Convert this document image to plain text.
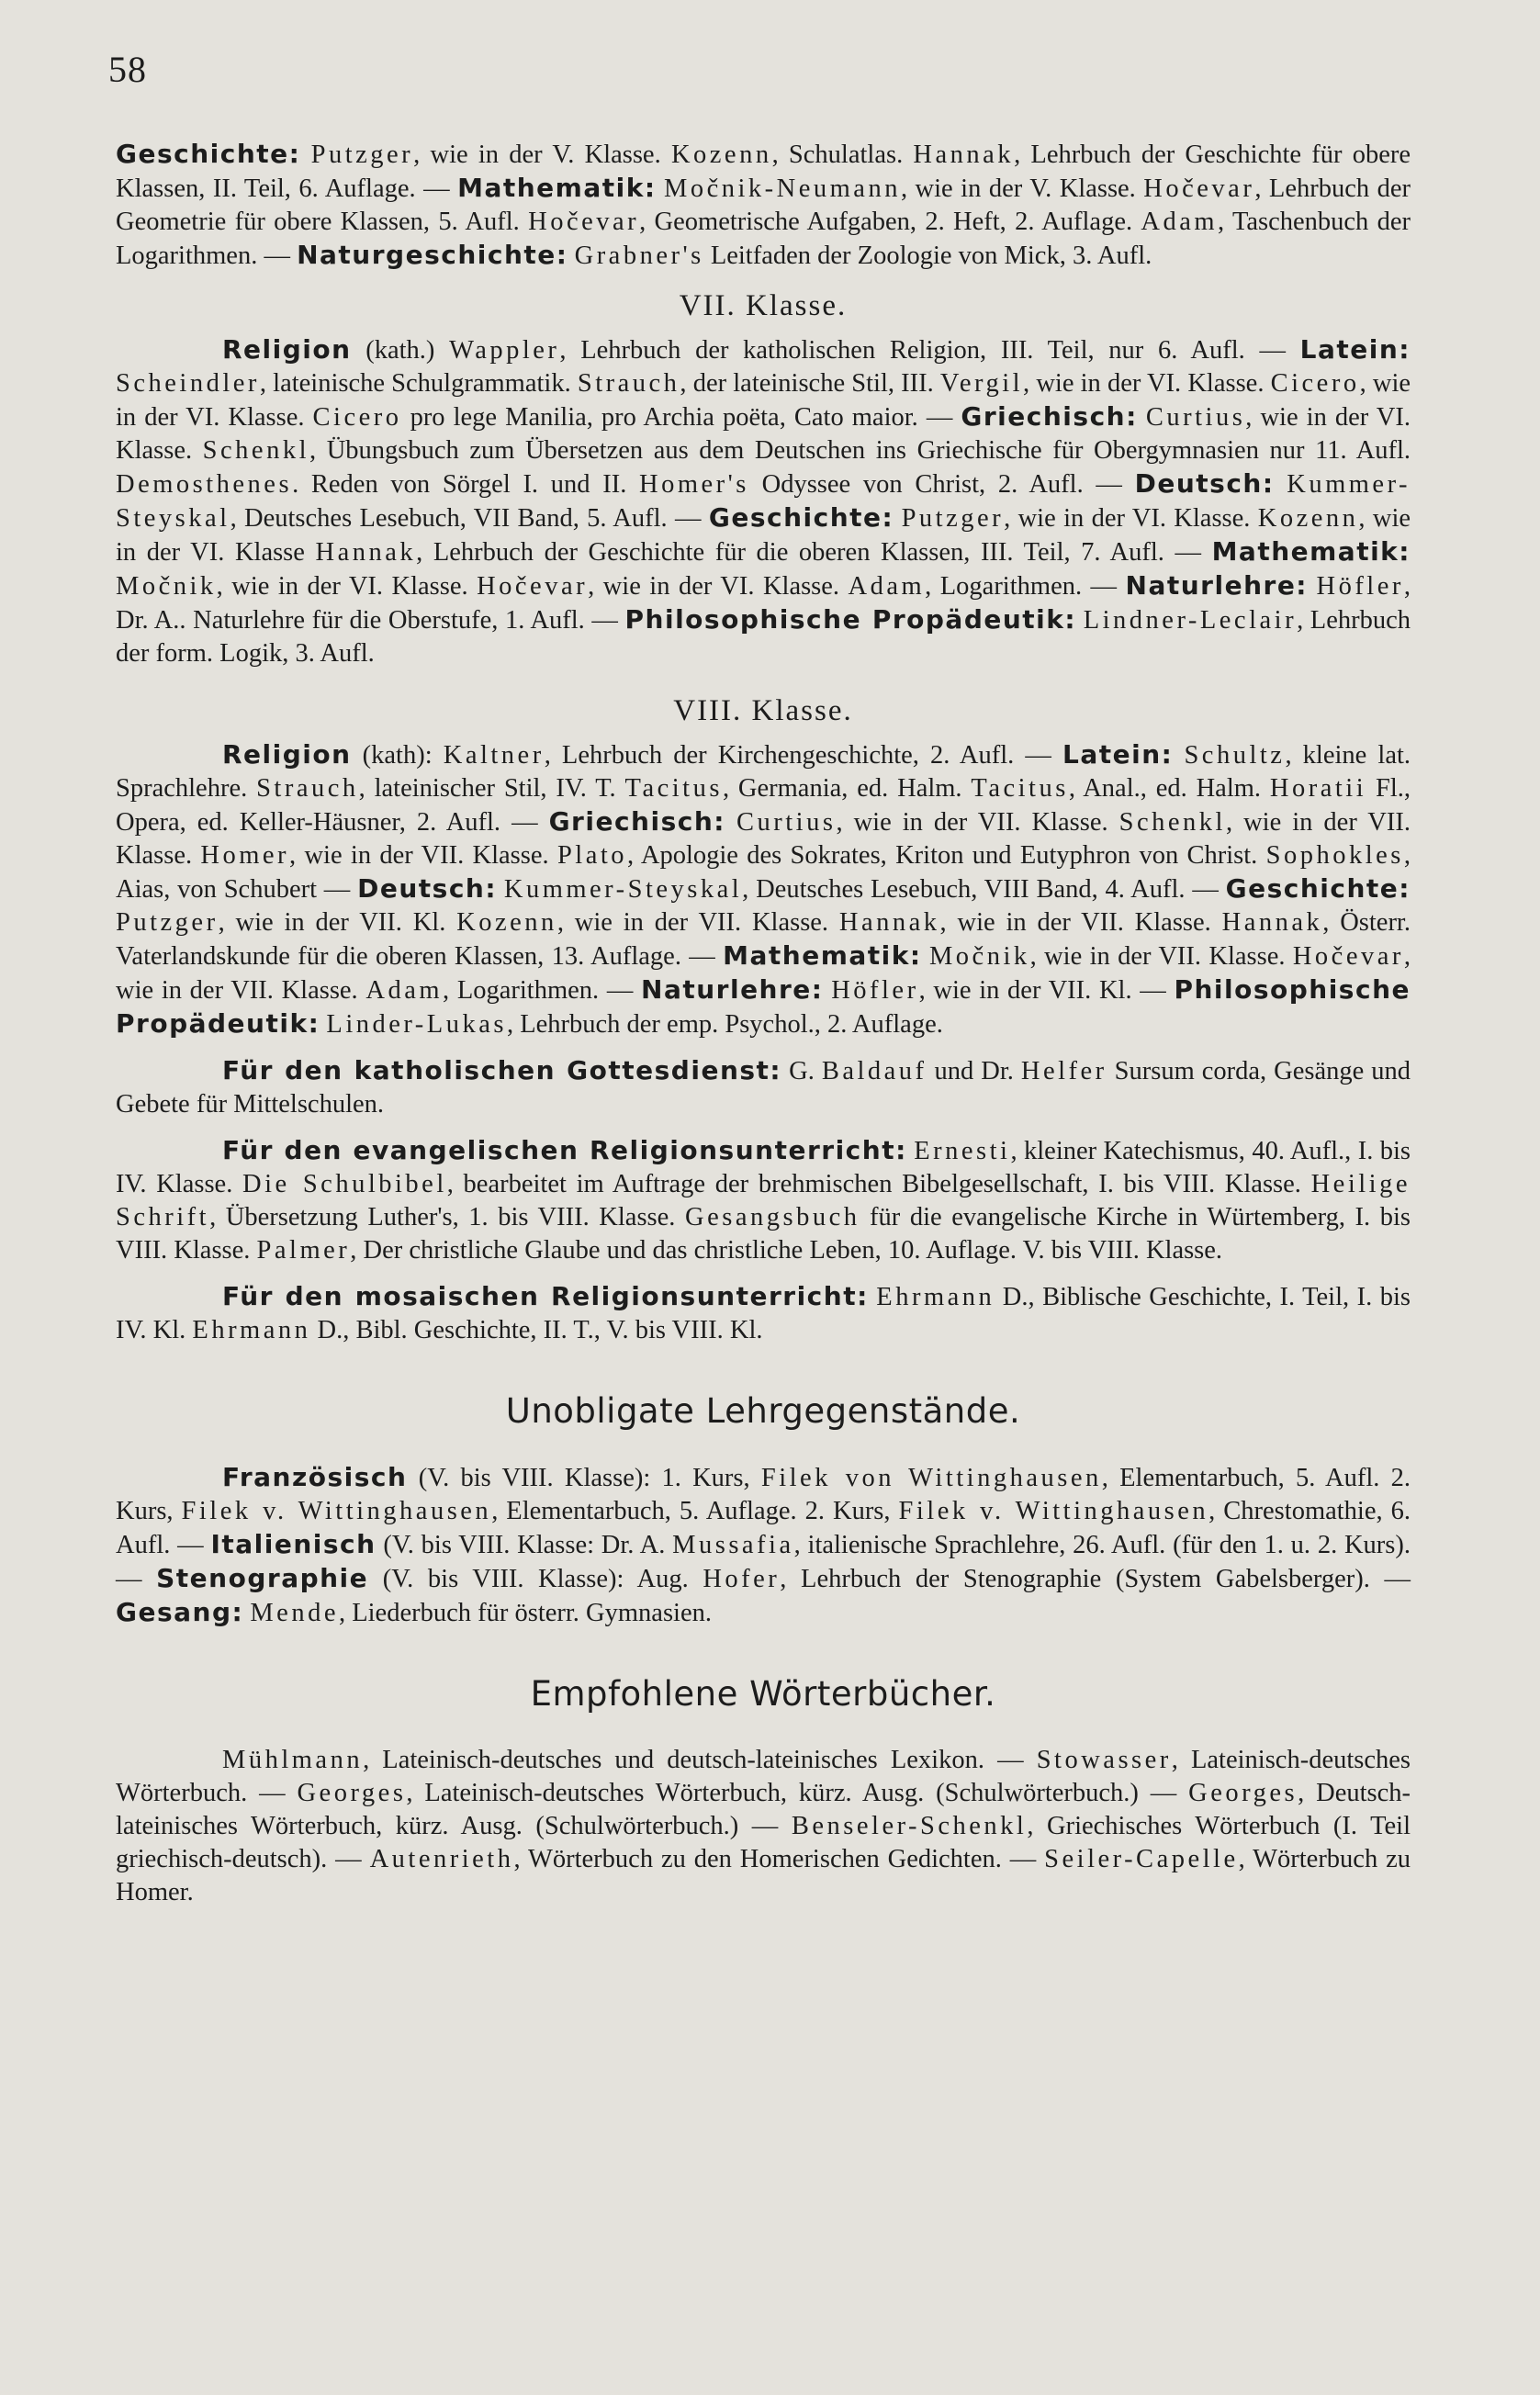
58

Geschichte: Putzger, wie in der V. Klasse. Kozenn, Schulatlas. Hannak, Lehrbuch der Geschichte für obere Klassen, II. Teil, 6. Auflage. — Mathematik: Močnik-Neumann, wie in der V. Klasse. Hočevar, Lehrbuch der Geometrie für obere Klassen, 5. Aufl. Hočevar, Geometrische Aufgaben, 2. Heft, 2. Auflage. Adam, Taschenbuch der Logarithmen. — Naturgeschichte: Grabner's Leitfaden der Zoologie von Mick, 3. Aufl.

VII. Klasse.

Religion (kath.) Wappler, Lehrbuch der katholischen Religion, III. Teil, nur 6. Aufl. — Latein: Scheindler, lateinische Schulgrammatik. Strauch, der lateinische Stil, III. Vergil, wie in der VI. Klasse. Cicero, wie in der VI. Klasse. Cicero pro lege Manilia, pro Archia poëta, Cato maior. — Griechisch: Curtius, wie in der VI. Klasse. Schenkl, Übungsbuch zum Übersetzen aus dem Deutschen ins Griechische für Obergymnasien nur 11. Aufl. Demosthenes. Reden von Sörgel I. und II. Homer's Odyssee von Christ, 2. Aufl. — Deutsch: Kummer-Steyskal, Deutsches Lesebuch, VII Band, 5. Aufl. — Geschichte: Putzger, wie in der VI. Klasse. Kozenn, wie in der VI. Klasse Hannak, Lehrbuch der Geschichte für die oberen Klassen, III. Teil, 7. Aufl. — Mathematik: Močnik, wie in der VI. Klasse. Hočevar, wie in der VI. Klasse. Adam, Logarithmen. — Naturlehre: Höfler, Dr. A.. Naturlehre für die Oberstufe, 1. Aufl. — Philosophische Propädeutik: Lindner-Leclair, Lehrbuch der form. Logik, 3. Aufl.

VIII. Klasse.

Religion (kath): Kaltner, Lehrbuch der Kirchengeschichte, 2. Aufl. — Latein: Schultz, kleine lat. Sprachlehre. Strauch, lateinischer Stil, IV. T. Tacitus, Germania, ed. Halm. Tacitus, Anal., ed. Halm. Horatii Fl., Opera, ed. Keller-Häusner, 2. Aufl. — Griechisch: Curtius, wie in der VII. Klasse. Schenkl, wie in der VII. Klasse. Homer, wie in der VII. Klasse. Plato, Apologie des Sokrates, Kriton und Eutyphron von Christ. Sophokles, Aias, von Schubert — Deutsch: Kummer-Steyskal, Deutsches Lesebuch, VIII Band, 4. Aufl. — Geschichte: Putzger, wie in der VII. Kl. Kozenn, wie in der VII. Klasse. Hannak, wie in der VII. Klasse. Hannak, Österr. Vaterlandskunde für die oberen Klassen, 13. Auflage. — Mathematik: Močnik, wie in der VII. Klasse. Hočevar, wie in der VII. Klasse. Adam, Logarithmen. — Naturlehre: Höfler, wie in der VII. Kl. — Philosophische Propädeutik: Linder-Lukas, Lehrbuch der emp. Psychol., 2. Auflage.

Für den katholischen Gottesdienst: G. Baldauf und Dr. Helfer Sursum corda, Gesänge und Gebete für Mittelschulen.

Für den evangelischen Religionsunterricht: Ernesti, kleiner Katechismus, 40. Aufl., I. bis IV. Klasse. Die Schulbibel, bearbeitet im Auftrage der brehmischen Bibelgesellschaft, I. bis VIII. Klasse. Heilige Schrift, Übersetzung Luther's, 1. bis VIII. Klasse. Gesangsbuch für die evangelische Kirche in Würtemberg, I. bis VIII. Klasse. Palmer, Der christliche Glaube und das christliche Leben, 10. Auflage. V. bis VIII. Klasse.

Für den mosaischen Religionsunterricht: Ehrmann D., Biblische Geschichte, I. Teil, I. bis IV. Kl. Ehrmann D., Bibl. Geschichte, II. T., V. bis VIII. Kl.

Unobligate Lehrgegenstände.

Französisch (V. bis VIII. Klasse): 1. Kurs, Filek von Wittinghausen, Elementarbuch, 5. Aufl. 2. Kurs, Filek v. Wittinghausen, Elementarbuch, 5. Auflage. 2. Kurs, Filek v. Wittinghausen, Chrestomathie, 6. Aufl. — Italienisch (V. bis VIII. Klasse: Dr. A. Mussafia, italienische Sprachlehre, 26. Aufl. (für den 1. u. 2. Kurs). — Stenographie (V. bis VIII. Klasse): Aug. Hofer, Lehrbuch der Stenographie (System Gabelsberger). — Gesang: Mende, Liederbuch für österr. Gymnasien.

Empfohlene Wörterbücher.

Mühlmann, Lateinisch-deutsches und deutsch-lateinisches Lexikon. — Stowasser, Lateinisch-deutsches Wörterbuch. — Georges, Lateinisch-deutsches Wörterbuch, kürz. Ausg. (Schulwörterbuch.) — Georges, Deutsch-lateinisches Wörterbuch, kürz. Ausg. (Schulwörterbuch.) — Benseler-Schenkl, Griechisches Wörterbuch (I. Teil griechisch-deutsch). — Autenrieth, Wörterbuch zu den Homerischen Gedichten. — Seiler-Capelle, Wörterbuch zu Homer.
